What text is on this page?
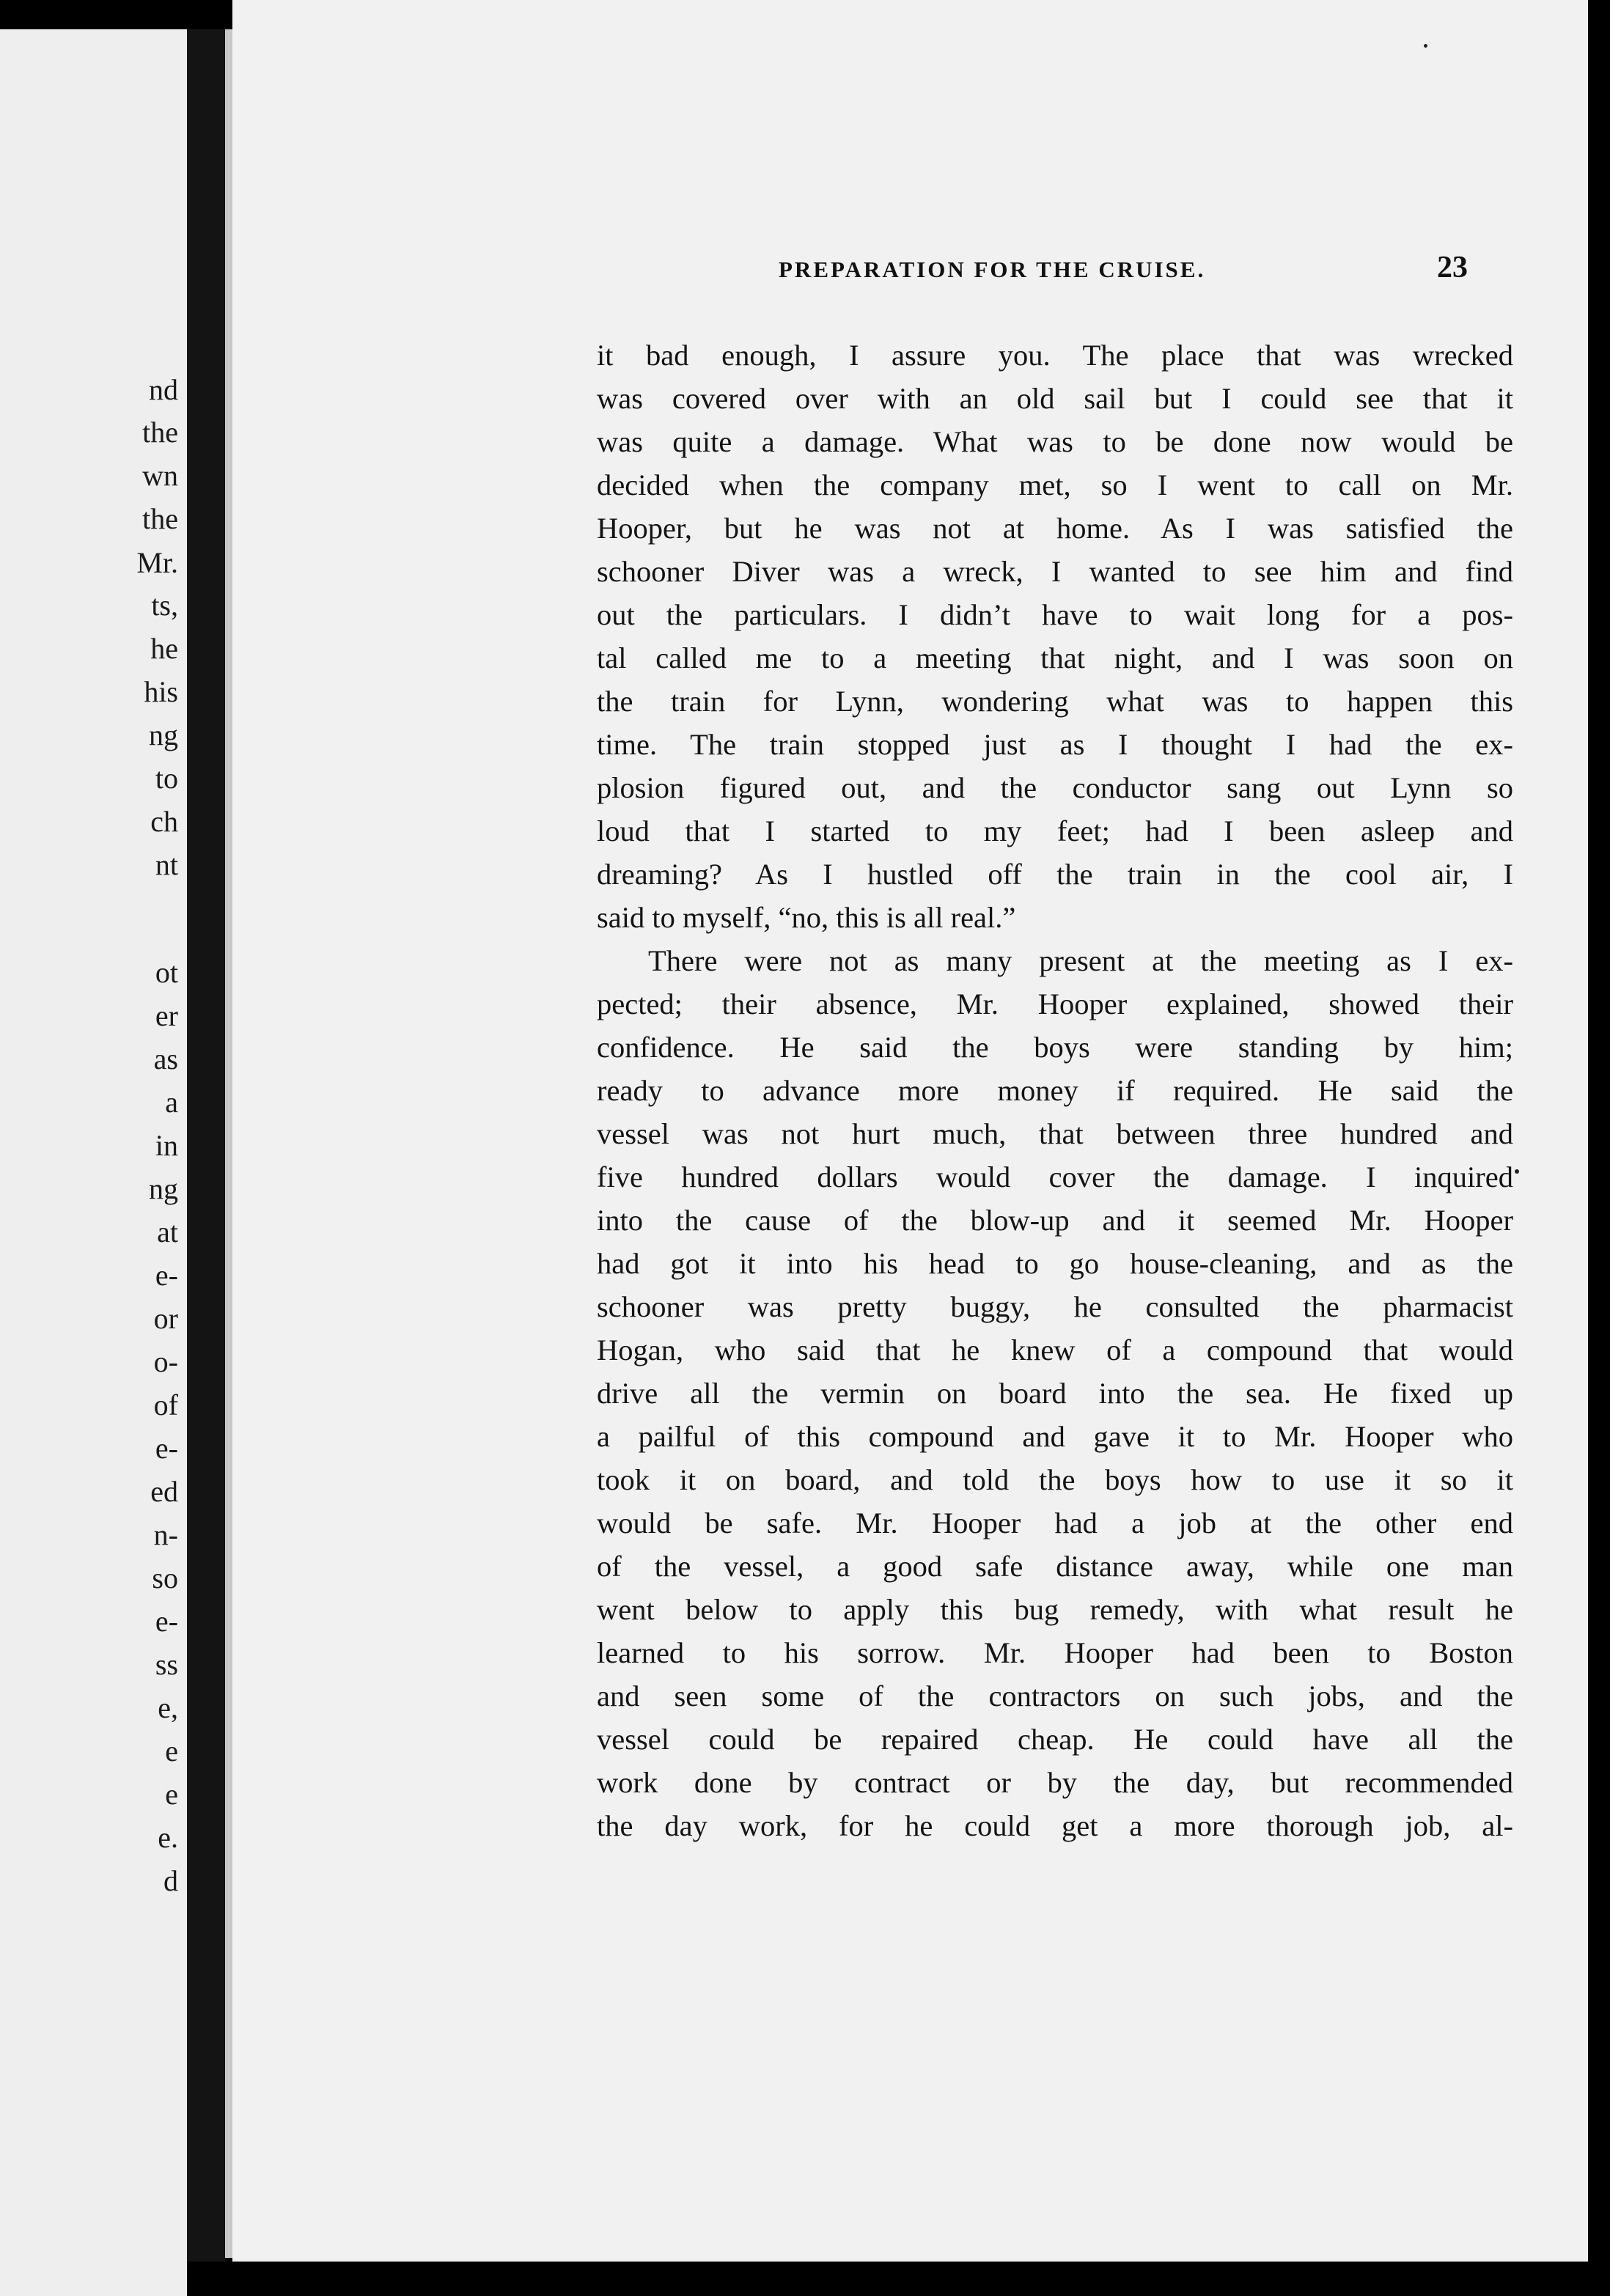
nd
the
wn
the
Mr.
ts,
he
his
ng
to
ch
nt
ot
er
as
a
in
ng
at
e-
or
o-
of
e-
ed
n-
so
e-
ss
e,
e
e
e.
d
PREPARATION FOR THE CRUISE.	23
it bad enough, I assure you. The place that was wrecked
was covered over with an old sail but I could see that it
was quite a damage. What was to be done now would be
decided when the company met, so I went to call on Mr.
Hooper, but he was not at home. As I was satisfied the
schooner Diver was a wreck, I wanted to see him and find
out the particulars. I didn’t have to wait long for a pos-
tal called me to a meeting that night, and I was soon on
the train for Lynn, wondering what was to happen this
time. The train stopped just as I thought I had the ex-
plosion figured out, and the conductor sang out Lynn so
loud that I started to my feet; had I been asleep and
dreaming? As I hustled off the train in the cool air, I
said to myself, “no, this is all real.”
There were not as many present at the meeting as I ex-
pected; their absence, Mr. Hooper explained, showed their
confidence. He said the boys were standing by him;
ready to advance more money if required. He said the
vessel was not hurt much, that between three hundred and
five hundred dollars would cover the damage. I inquired
into the cause of the blow-up and it seemed Mr. Hooper
had got it into his head to go house-cleaning, and as the
schooner was pretty buggy, he consulted the pharmacist
Hogan, who said that he knew of a compound that would
drive all the vermin on board into the sea. He fixed up
a pailful of this compound and gave it to Mr. Hooper who
took it on board, and told the boys how to use it so it
would be safe. Mr. Hooper had a job at the other end
of the vessel, a good safe distance away, while one man
went below to apply this bug remedy, with what result he
learned to his sorrow. Mr. Hooper had been to Boston
and seen some of the contractors on such jobs, and the
vessel could be repaired cheap. He could have all the
work done by contract or by the day, but recommended
the day work, for he could get a more thorough job, al-
